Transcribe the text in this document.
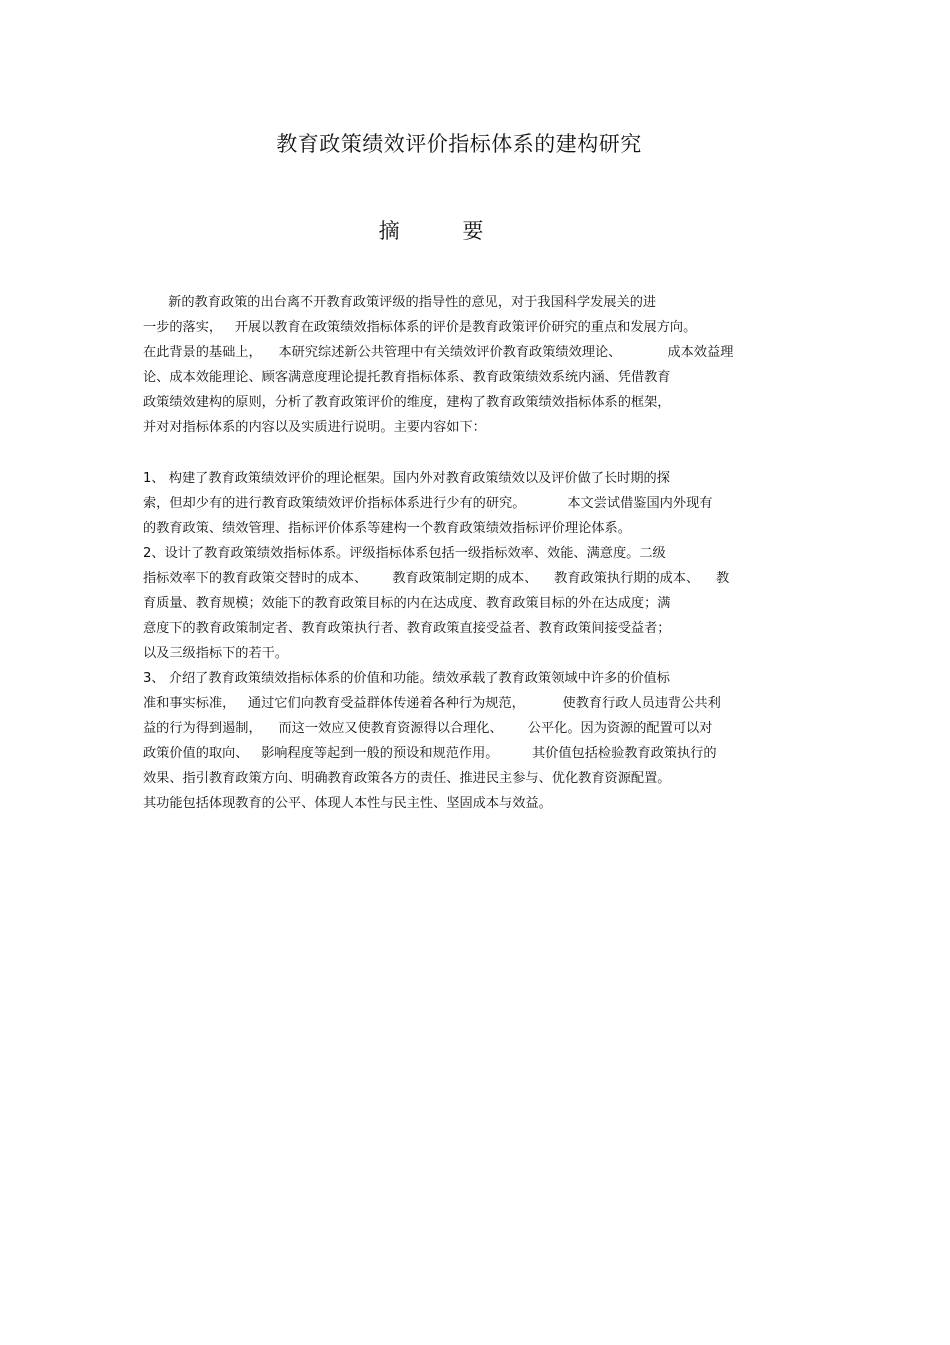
教育政策绩效评价指标体系的建构研究
摘 要
新的教育政策的出台离不开教育政策评级的指导性的意见，对于我国科学发展关的进
一步的落实，   开展以教育在政策绩效指标体系的评价是教育政策评价研究的重点和发展方向。
在此背景的基础上，    本研究综述新公共管理中有关绩效评价教育政策绩效理论、           成本效益理
论、成本效能理论、顾客满意度理论提托教育指标体系、教育政策绩效系统内涵、凭借教育
政策绩效建构的原则，分析了教育政策评价的维度，建构了教育政策绩效指标体系的框架，
并对对指标体系的内容以及实质进行说明。主要内容如下：
1、 构建了教育政策绩效评价的理论框架。国内外对教育政策绩效以及评价做了长时期的探
索，但却少有的进行教育政策绩效评价指标体系进行少有的研究。          本文尝试借鉴国内外现有
的教育政策、绩效管理、指标评价体系等建构一个教育政策绩效指标评价理论体系。
2、设计了教育政策绩效指标体系。评级指标体系包括一级指标效率、效能、满意度。二级
指标效率下的教育政策交替时的成本、      教育政策制定期的成本、    教育政策执行期的成本、    教
育质量、教育规模；效能下的教育政策目标的内在达成度、教育政策目标的外在达成度；满
意度下的教育政策制定者、教育政策执行者、教育政策直接受益者、教育政策间接受益者；
以及三级指标下的若干。
3、 介绍了教育政策绩效指标体系的价值和功能。绩效承载了教育政策领域中许多的价值标
准和事实标准，   通过它们向教育受益群体传递着各种行为规范，         使教育行政人员违背公共利
益的行为得到遏制，    而这一效应又使教育资源得以合理化、      公平化。因为资源的配置可以对
政策价值的取向、   影响程度等起到一般的预设和规范作用。        其价值包括检验教育政策执行的
效果、指引教育政策方向、明确教育政策各方的责任、推进民主参与、优化教育资源配置。
其功能包括体现教育的公平、体现人本性与民主性、坚固成本与效益。
